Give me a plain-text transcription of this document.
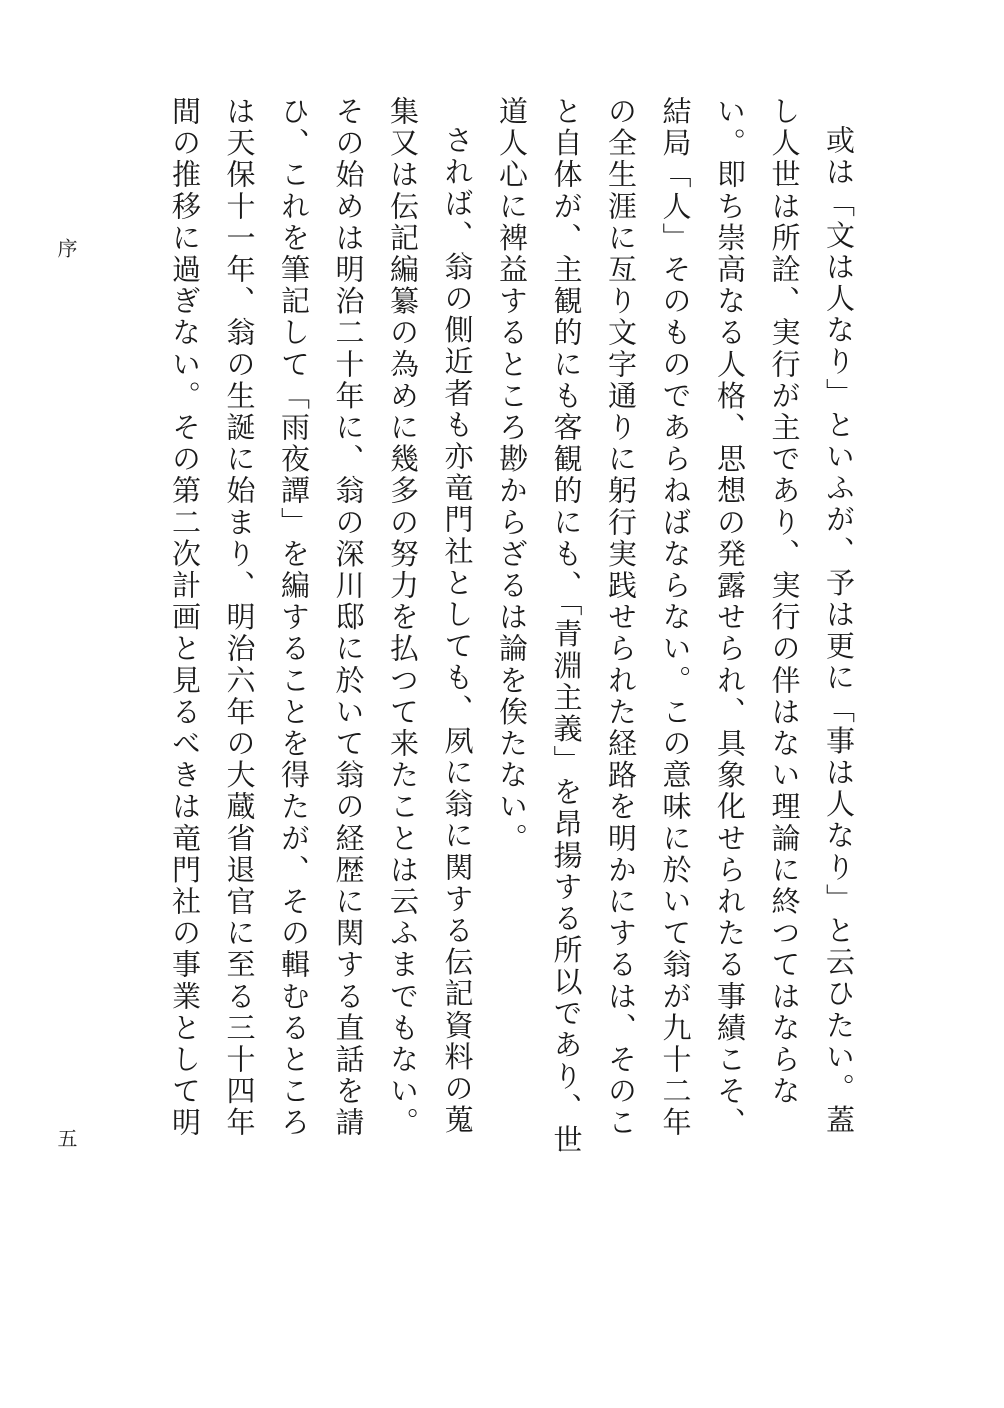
序
五

或は「文は人なり」といふが、予は更に「事は人なり」と云ひたい。蓋し人世は所詮、実行が主であり、実行の伴はない理論に終つてはならない。即ち崇高なる人格、思想の発露せられ、具象化せられたる事績こそ、結局「人」そのものであらねばならない。この意味に於いて翁が九十二年の全生涯に亙り文字通りに躬行実践せられた経路を明かにするは、そのこと自体が、主観的にも客観的にも、「青淵主義」を昂揚する所以であり、世道人心に裨益するところ尠からざるは論を俟たない。

されば、翁の側近者も亦竜門社としても、夙に翁に関する伝記資料の蒐集又は伝記編纂の為めに幾多の努力を払つて来たことは云ふまでもない。その始めは明治二十年に、翁の深川邸に於いて翁の経歴に関する直話を請ひ、これを筆記して「雨夜譚」を編することを得たが、その輯むるところは天保十一年、翁の生誕に始まり、明治六年の大蔵省退官に至る三十四年間の推移に過ぎない。その第二次計画と見るべきは竜門社の事業として明
